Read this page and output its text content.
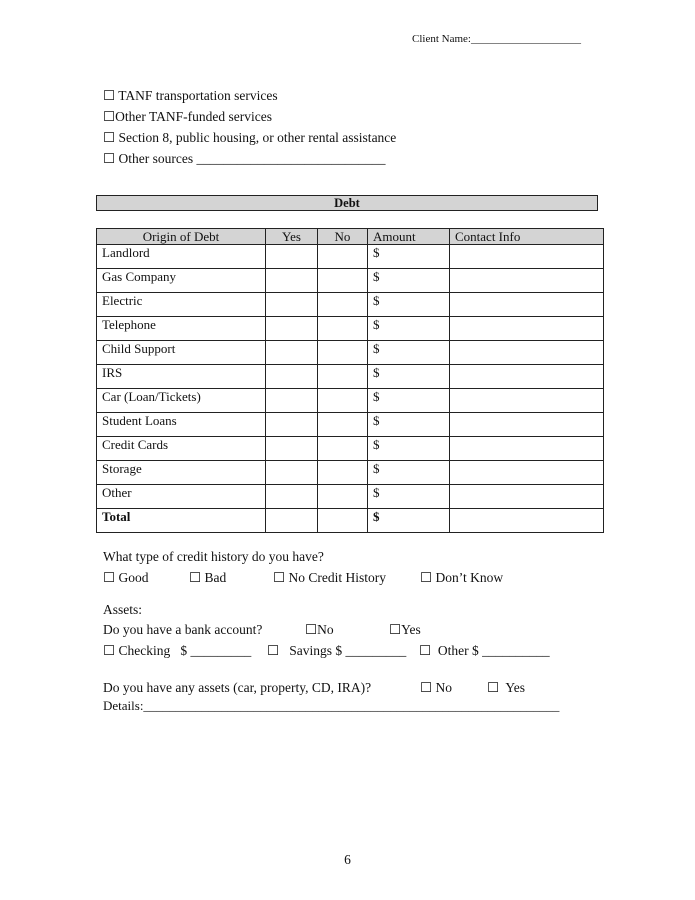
Client Name:____________________
☐ TANF transportation services
☐Other TANF-funded services
☐ Section 8, public housing, or other rental assistance
☐ Other sources ____________________________
Debt
Origin of Debt	Yes	No	Amount	Contact Info
Landlord			$	
Gas Company			$	
Electric			$	
Telephone			$	
Child Support			$	
IRS			$	
Car (Loan/Tickets)			$	
Student Loans			$	
Credit Cards			$	
Storage			$	
Other			$	
Total			$	
What type of credit history do you have?
☐ Good	☐ Bad	☐ No Credit History	☐ Don’t Know
Assets:
Do you have a bank account?	☐No	☐Yes
☐ Checking   $ _________ ☐   Savings $ _________ ☐  Other $ __________
Do you have any assets (car, property, CD, IRA)?	☐ No	☐  Yes
Details:________________________________________________________________
6
